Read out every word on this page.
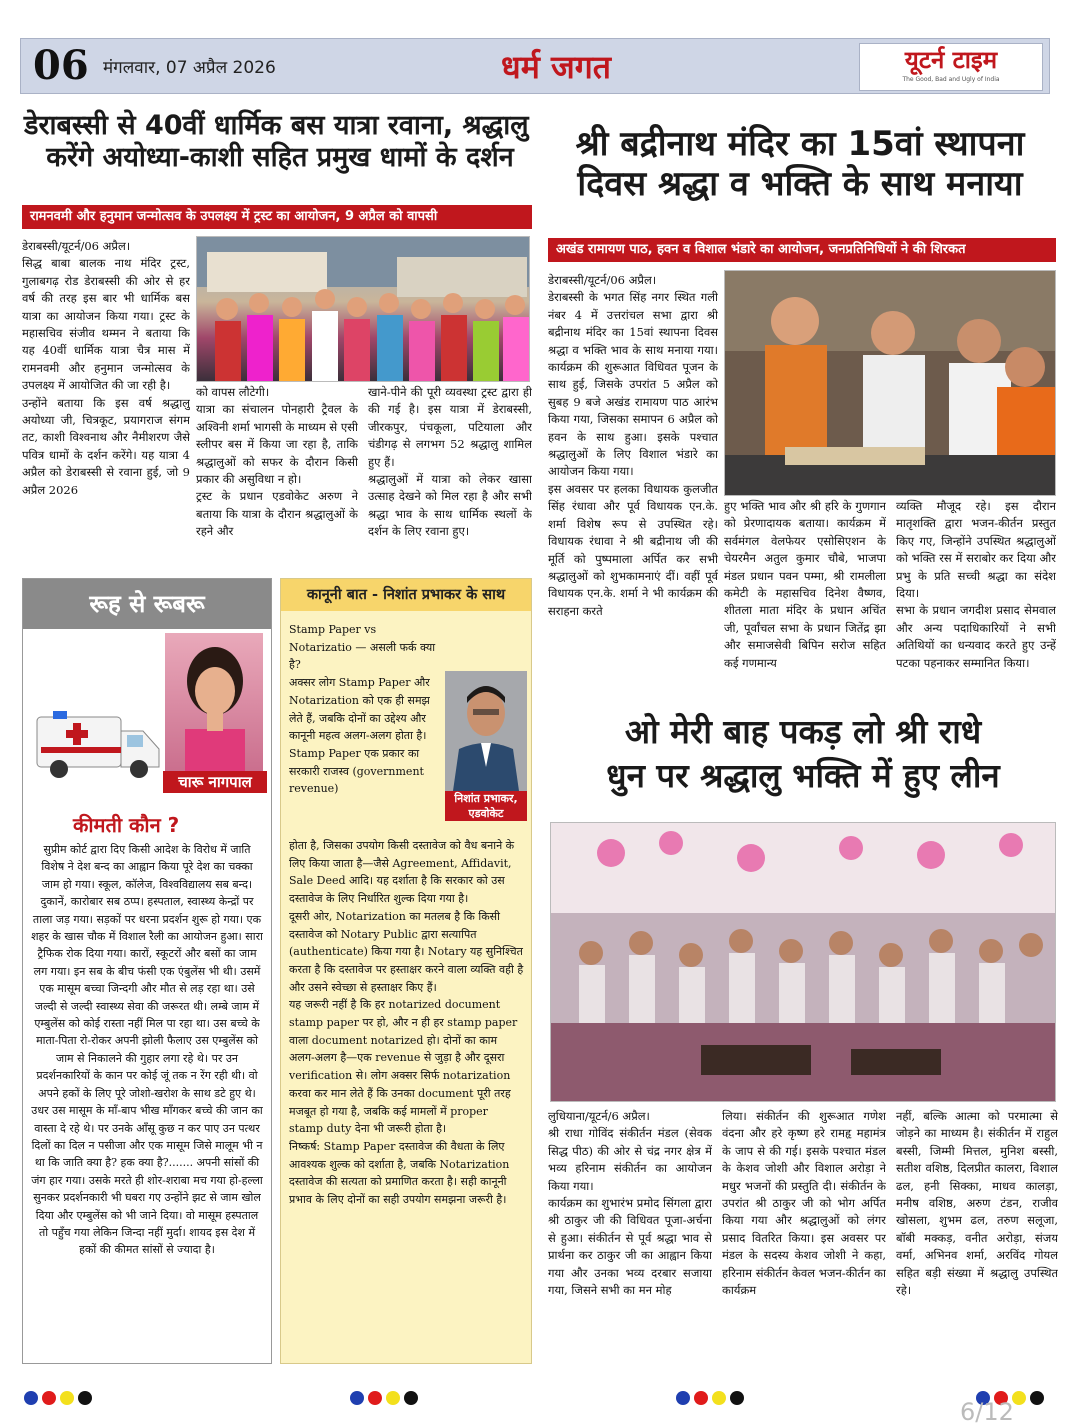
06 मंगलवार, 07 अप्रैल 2026	धर्म जगत	यूटर्न टाइम
The Good, Bad and Ugly of India
डेराबस्सी से 40वीं धार्मिक बस यात्रा रवाना, श्रद्धालु
करेंगे अयोध्या-काशी सहित प्रमुख धामों के दर्शन
रामनवमी और हनुमान जन्मोत्सव के उपलक्ष्य में ट्रस्ट का आयोजन, 9 अप्रैल को वापसी
डेराबस्सी/यूटर्न/06 अप्रैल।
सिद्ध बाबा बालक नाथ मंदिर ट्रस्ट, गुलाबगढ़ रोड डेराबस्सी की ओर से हर वर्ष की तरह इस बार भी धार्मिक बस यात्रा का आयोजन किया गया। ट्रस्ट के महासचिव संजीव थम्मन ने बताया कि यह 40वीं धार्मिक यात्रा चैत्र मास में रामनवमी और हनुमान जन्मोत्सव के उपलक्ष्य में आयोजित की जा रही है।
उन्होंने बताया कि इस वर्ष श्रद्धालु अयोध्या जी, चित्रकूट, प्रयागराज संगम तट, काशी विश्वनाथ और नैमीशरण जैसे पवित्र धामों के दर्शन करेंगे। यह यात्रा 4 अप्रैल को डेराबस्सी से रवाना हुई, जो 9 अप्रैल 2026
को वापस लौटेगी।
यात्रा का संचालन पोनहारी ट्रैवल के अश्विनी शर्मा भागसी के माध्यम से एसी स्लीपर बस में किया जा रहा है, ताकि श्रद्धालुओं को सफर के दौरान किसी प्रकार की असुविधा न हो।
ट्रस्ट के प्रधान एडवोकेट अरुण ने बताया कि यात्रा के दौरान श्रद्धालुओं के रहने और
खाने-पीने की पूरी व्यवस्था ट्रस्ट द्वारा ही की गई है। इस यात्रा में डेराबस्सी, जीरकपुर, पंचकूला, पटियाला और चंडीगढ़ से लगभग 52 श्रद्धालु शामिल हुए हैं।
श्रद्धालुओं में यात्रा को लेकर खासा उत्साह देखने को मिल रहा है और सभी श्रद्धा भाव के साथ धार्मिक स्थलों के दर्शन के लिए रवाना हुए।
श्री बद्रीनाथ मंदिर का 15वां स्थापना
दिवस श्रद्धा व भक्ति के साथ मनाया
अखंड रामायण पाठ, हवन व विशाल भंडारे का आयोजन, जनप्रतिनिधियों ने की शिरकत
डेराबस्सी/यूटर्न/06 अप्रैल।
डेराबस्सी के भगत सिंह नगर स्थित गली नंबर 4 में उत्तरांचल सभा द्वारा श्री बद्रीनाथ मंदिर का 15वां स्थापना दिवस श्रद्धा व भक्ति भाव के साथ मनाया गया। कार्यक्रम की शुरूआत विधिवत पूजन के साथ हुई, जिसके उपरांत 5 अप्रैल को सुबह 9 बजे अखंड रामायण पाठ आरंभ किया गया, जिसका समापन 6 अप्रैल को हवन के साथ हुआ। इसके पश्चात श्रद्धालुओं के लिए विशाल भंडारे का आयोजन किया गया।
इस अवसर पर हलका विधायक कुलजीत सिंह रंधावा और पूर्व विधायक एन.के. शर्मा विशेष रूप से उपस्थित रहे। विधायक रंधावा ने श्री बद्रीनाथ जी की मूर्ति को पुष्पमाला अर्पित कर सभी श्रद्धालुओं को शुभकामनाएं दीं। वहीं पूर्व विधायक एन.के. शर्मा ने भी कार्यक्रम की सराहना करते
हुए भक्ति भाव और श्री हरि के गुणगान को प्रेरणादायक बताया। कार्यक्रम में सर्वमंगल वेलफेयर एसोसिएशन के चेयरमैन अतुल कुमार चौबे, भाजपा मंडल प्रधान पवन पम्मा, श्री रामलीला कमेटी के महासचिव दिनेश वैष्णव, शीतला माता मंदिर के प्रधान अचिंत जी, पूर्वांचल सभा के प्रधान जितेंद्र झा और समाजसेवी बिपिन सरोज सहित कई गणमान्य
व्यक्ति मौजूद रहे। इस दौरान मातृशक्ति द्वारा भजन-कीर्तन प्रस्तुत किए गए, जिन्होंने उपस्थित श्रद्धालुओं को भक्ति रस में सराबोर कर दिया और प्रभु के प्रति सच्ची श्रद्धा का संदेश दिया।
सभा के प्रधान जगदीश प्रसाद सेमवाल और अन्य पदाधिकारियों ने सभी अतिथियों का धन्यवाद करते हुए उन्हें पटका पहनाकर सम्मानित किया।
ओ मेरी बाह पकड़ लो श्री राधे
धुन पर श्रद्धालु भक्ति में हुए लीन
लुधियाना/यूटर्न/6 अप्रैल।
श्री राधा गोविंद संकीर्तन मंडल (सेवक सिद्ध पीठ) की ओर से चंद्र नगर क्षेत्र में भव्य हरिनाम संकीर्तन का आयोजन किया गया।
कार्यक्रम का शुभारंभ प्रमोद सिंगला द्वारा श्री ठाकुर जी की विधिवत पूजा-अर्चना से हुआ। संकीर्तन से पूर्व श्रद्धा भाव से प्रार्थना कर ठाकुर जी का आह्वान किया गया और उनका भव्य दरबार सजाया गया, जिसने सभी का मन मोह
लिया। संकीर्तन की शुरूआत गणेश वंदना और हरे कृष्ण हरे रामहृ महामंत्र के जाप से की गई। इसके पश्चात मंडल के केशव जोशी और विशाल अरोड़ा ने मधुर भजनों की प्रस्तुति दी। संकीर्तन के उपरांत श्री ठाकुर जी को भोग अर्पित किया गया और श्रद्धालुओं को लंगर प्रसाद वितरित किया। इस अवसर पर मंडल के सदस्य केशव जोशी ने कहा, हरिनाम संकीर्तन केवल भजन-कीर्तन का कार्यक्रम
नहीं, बल्कि आत्मा को परमात्मा से जोड़ने का माध्यम है। संकीर्तन में राहुल बस्सी, जिम्मी मित्तल, मुनिश बस्सी, सतीश वशिष्ठ, दिलप्रीत कालरा, विशाल ढल, हनी सिक्का, माधव कालड़ा, मनीष वशिष्ठ, अरुण टंडन, राजीव खोसला, शुभम ढल, तरुण सलूजा, बॉबी मक्कड़, वनीत अरोड़ा, संजय वर्मा, अभिनव शर्मा, अरविंद गोयल सहित बड़ी संख्या में श्रद्धालु उपस्थित रहे।
रूह से रूबरू
चारू नागपाल
कीमती कौन ?
सुप्रीम कोर्ट द्वारा दिए किसी आदेश के विरोध में जाति विशेष ने देश बन्द का आह्वान किया पूरे देश का चक्का जाम हो गया। स्कूल, कॉलेज, विश्वविद्यालय सब बन्द। दुकानें, कारोबार सब ठप्प। हस्पताल, स्वास्थ्य केन्द्रों पर ताला जड़ गया। सड़कों पर धरना प्रदर्शन शुरू हो गया। एक शहर के खास चौक में विशाल रैली का आयोजन हुआ। सारा ट्रैफिक रोक दिया गया। कारों, स्कूटरों और बसों का जाम लग गया। इन सब के बीच फंसी एक एंबुलेंस भी थी। उसमें एक मासूम बच्चा जिन्दगी और मौत से लड़ रहा था। उसे जल्दी से जल्दी स्वास्थ्य सेवा की जरूरत थी। लम्बे जाम में एम्बुलेंस को कोई रास्ता नहीं मिल पा रहा था। उस बच्चे के माता-पिता रो-रोकर अपनी झोली फैलाए उस एम्बुलेंस को जाम से निकालने की गुहार लगा रहे थे। पर उन प्रदर्शनकारियों के कान पर कोई जूं तक न रेंग रही थी। वो अपने हकों के लिए पूरे जोशो-खरोश के साथ डटे हुए थे। उधर उस मासूम के माँ-बाप भीख माँगकर बच्चे की जान का वास्ता दे रहे थे। पर उनके आँसू कुछ न कर पाए उन पत्थर दिलों का दिल न पसीजा और एक मासूम जिसे मालूम भी न था कि जाति क्या है? हक क्या है?....... अपनी सांसों की जंग हार गया। उसके मरते ही शोर-शराबा मच गया हो-हल्ला सुनकर प्रदर्शनकारी भी घबरा गए उन्होंने झट से जाम खोल दिया और एम्बुलेंस को भी जाने दिया। वो मासूम हस्पताल तो पहुँच गया लेकिन जिन्दा नहीं मुर्दा। शायद इस देश में हकों की कीमत सांसों से ज्यादा है।
कानूनी बात - निशांत प्रभाकर के साथ
Stamp Paper vs Notarizatio — असली फर्क क्या है?
अक्सर लोग Stamp Paper और Notarization को एक ही समझ लेते हैं, जबकि दोनों का उद्देश्य और कानूनी महत्व अलग-अलग होता है।
Stamp Paper एक प्रकार का सरकारी राजस्व (government revenue)
निशांत प्रभाकर, एडवोकेट
होता है, जिसका उपयोग किसी दस्तावेज को वैध बनाने के लिए किया जाता है—जैसे Agreement, Affidavit, Sale Deed आदि। यह दर्शाता है कि सरकार को उस दस्तावेज के लिए निर्धारित शुल्क दिया गया है।
दूसरी ओर, Notarization का मतलब है कि किसी दस्तावेज को Notary Public द्वारा सत्यापित (authenticate) किया गया है। Notary यह सुनिश्चित करता है कि दस्तावेज पर हस्ताक्षर करने वाला व्यक्ति वही है और उसने स्वेच्छा से हस्ताक्षर किए हैं।
यह जरूरी नहीं है कि हर notarized document stamp paper पर हो, और न ही हर stamp paper वाला document notarized हो। दोनों का काम अलग-अलग है—एक revenue से जुड़ा है और दूसरा verification से। लोग अक्सर सिर्फ notarization करवा कर मान लेते हैं कि उनका document पूरी तरह मजबूत हो गया है, जबकि कई मामलों में proper stamp duty देना भी जरूरी होता है।
निष्कर्ष: Stamp Paper दस्तावेज की वैधता के लिए आवश्यक शुल्क को दर्शाता है, जबकि Notarization दस्तावेज की सत्यता को प्रमाणित करता है। सही कानूनी प्रभाव के लिए दोनों का सही उपयोग समझना जरूरी है।
6/12
